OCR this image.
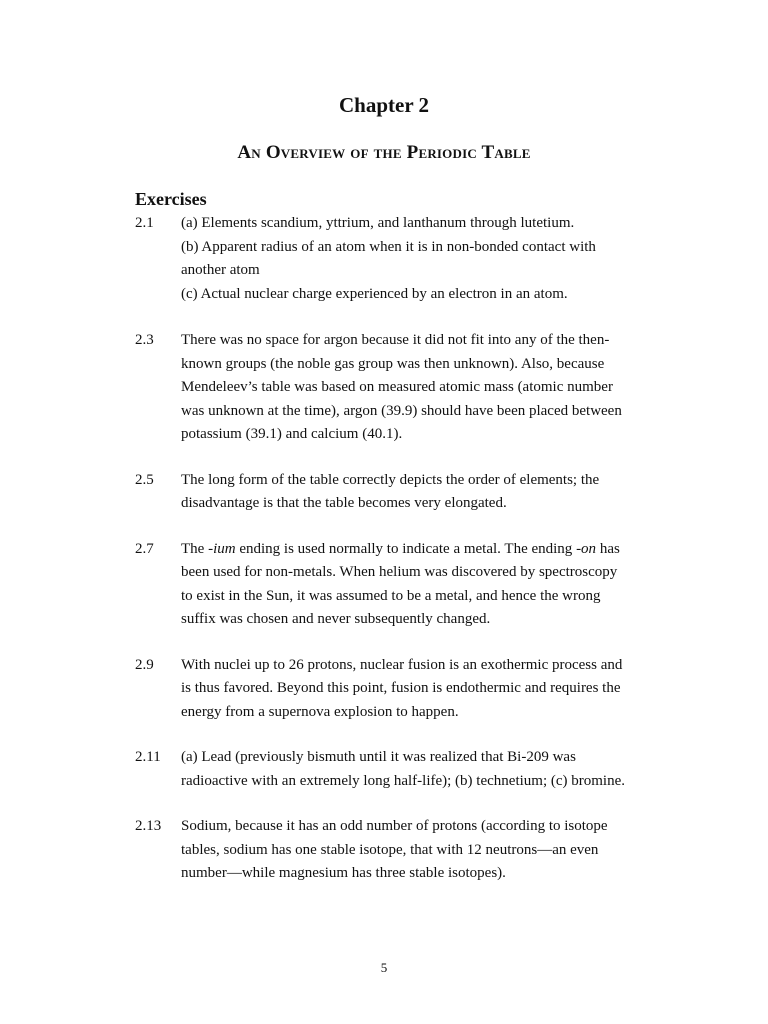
Chapter 2
An Overview of the Periodic Table
Exercises
2.1	(a) Elements scandium, yttrium, and lanthanum through lutetium.
(b) Apparent radius of an atom when it is in non-bonded contact with
another atom
(c) Actual nuclear charge experienced by an electron in an atom.
2.3	There was no space for argon because it did not fit into any of the then-
known groups (the noble gas group was then unknown). Also, because
Mendeleev’s table was based on measured atomic mass (atomic number
was unknown at the time), argon (39.9) should have been placed between
potassium (39.1) and calcium (40.1).
2.5	The long form of the table correctly depicts the order of elements; the
disadvantage is that the table becomes very elongated.
2.7	The -ium ending is used normally to indicate a metal. The ending -on has
been used for non-metals. When helium was discovered by spectroscopy
to exist in the Sun, it was assumed to be a metal, and hence the wrong
suffix was chosen and never subsequently changed.
2.9	With nuclei up to 26 protons, nuclear fusion is an exothermic process and
is thus favored. Beyond this point, fusion is endothermic and requires the
energy from a supernova explosion to happen.
2.11	(a) Lead (previously bismuth until it was realized that Bi-209 was
radioactive with an extremely long half-life); (b) technetium; (c) bromine.
2.13	Sodium, because it has an odd number of protons (according to isotope
tables, sodium has one stable isotope, that with 12 neutrons—an even
number—while magnesium has three stable isotopes).
5
